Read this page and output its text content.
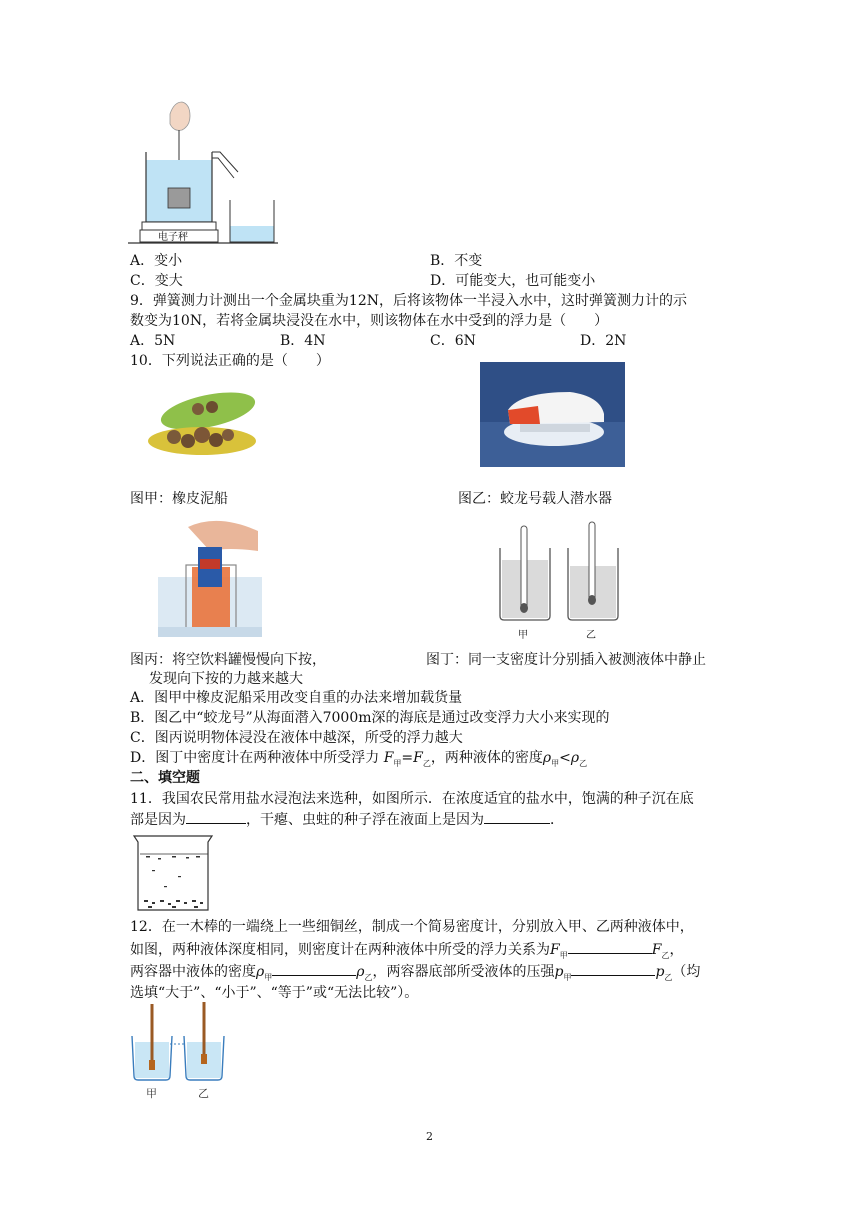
电子秤
A．变小	B．不变
C．变大	D．可能变大，也可能变小
9．弹簧测力计测出一个金属块重为12N，后将该物体一半浸入水中，这时弹簧测力计的示
数变为10N，若将金属块浸没在水中，则该物体在水中受到的浮力是（　　）
A．5N	B．4N	C．6N	D．2N
10．下列说法正确的是（　　）
图甲：橡皮泥船	图乙：蛟龙号载人潜水器
甲	乙
图丙：将空饮料罐慢慢向下按，	图丁：同一支密度计分别插入被测液体中静止
发现向下按的力越来越大
A．图甲中橡皮泥船采用改变自重的办法来增加载货量
B．图乙中“蛟龙号”从海面潜入7000m深的海底是通过改变浮力大小来实现的
C．图丙说明物体浸没在液体中越深，所受的浮力越大
D．图丁中密度计在两种液体中所受浮力 $F_甲=F_乙$，两种液体的密度$\rho_甲<\rho_乙$
二、填空题
11．我国农民常用盐水浸泡法来选种，如图所示．在浓度适宜的盐水中，饱满的种子沉在底
部是因为	，干瘪、虫蛀的种子浮在液面上是因为	．
12．在一木棒的一端绕上一些细铜丝，制成一个简易密度计，分别放入甲、乙两种液体中，
如图，两种液体深度相同，则密度计在两种液体中所受的浮力关系为$F_甲$	$F_乙$，
两容器中液体的密度$\rho_甲$	$\rho_乙$，两容器底部所受液体的压强$p_甲$	$p_乙$（均
选填“大于”、“小于”、“等于”或“无法比较”）。
甲	乙
2
